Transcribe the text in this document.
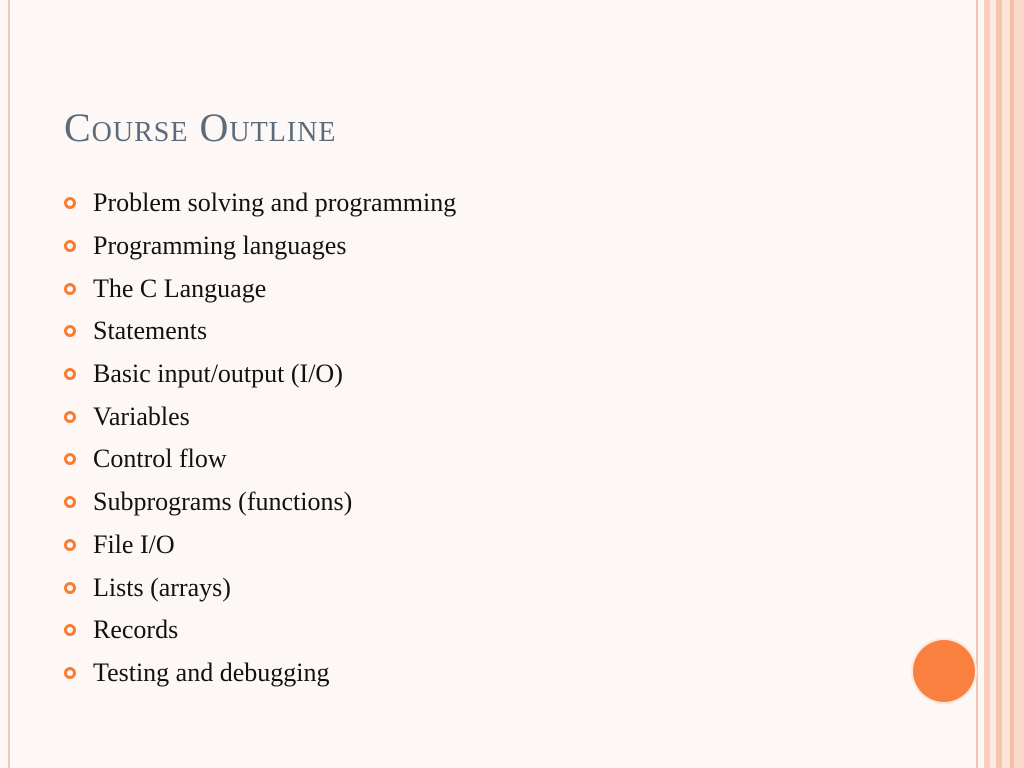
Course Outline
Problem solving and programming
Programming languages
The C Language
Statements
Basic input/output (I/O)
Variables
Control flow
Subprograms (functions)
File I/O
Lists (arrays)
Records
Testing and debugging
